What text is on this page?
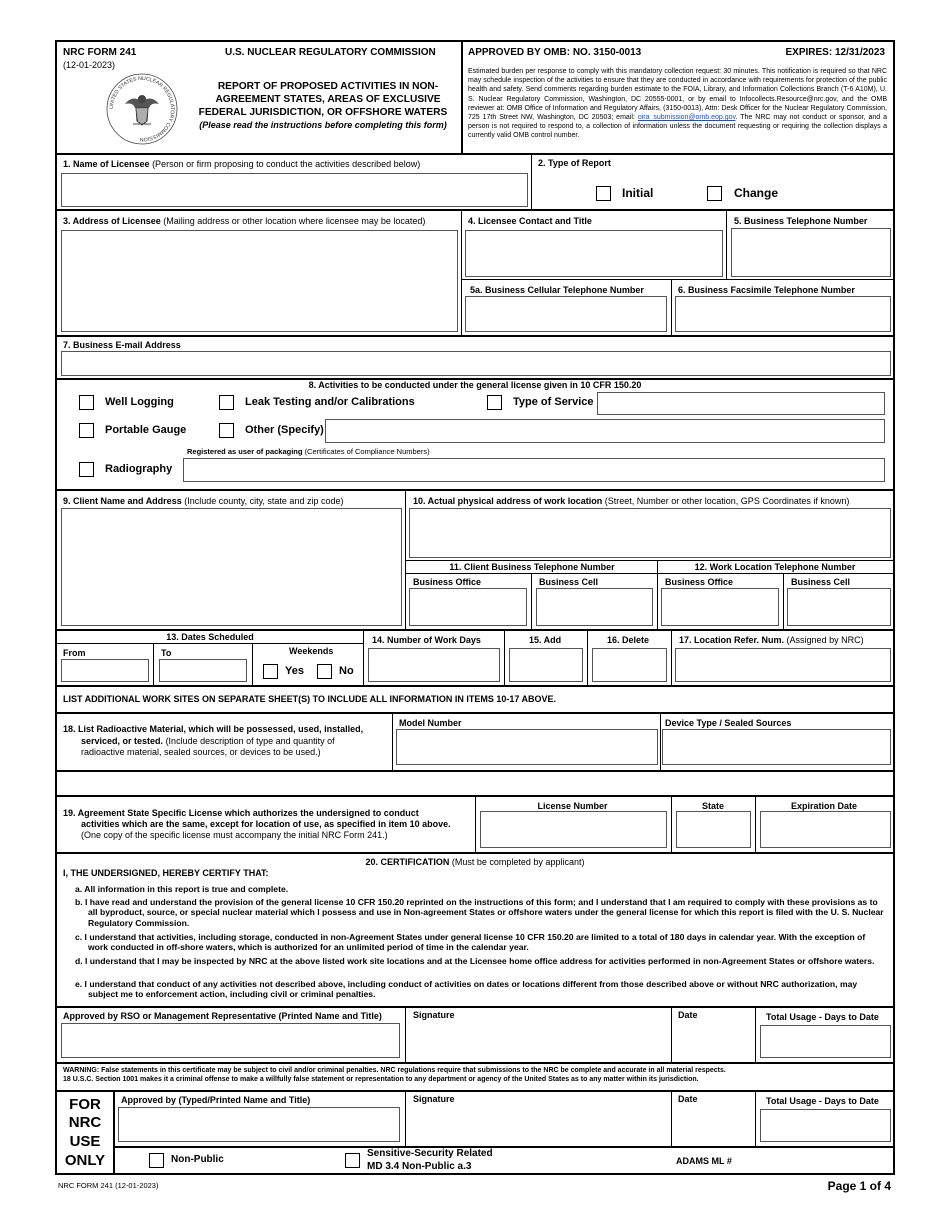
NRC FORM 241
(12-01-2023)
U.S. NUCLEAR REGULATORY COMMISSION
UNITED STATES NUCLEAR REGULATORY COMMISSION
REPORT OF PROPOSED ACTIVITIES IN NON-
AGREEMENT STATES, AREAS OF EXCLUSIVE
FEDERAL JURISDICTION, OR OFFSHORE WATERS
(Please read the instructions before completing this form)
APPROVED BY OMB: NO. 3150-0013	EXPIRES: 12/31/2023
Estimated burden per response to comply with this mandatory collection request: 30 minutes. This notification is required so that NRC may schedule inspection of the activities to ensure that they are conducted in accordance with requirements for protection of the public health and safety. Send comments regarding burden estimate to the FOIA, Library, and Information Collections Branch (T-6 A10M), U. S. Nuclear Regulatory Commission, Washington, DC 20555-0001, or by email to Infocollects.Resource@nrc.gov, and the OMB reviewer at: OMB Office of Information and Regulatory Affairs, (3150-0013), Attn: Desk Officer for the Nuclear Regulatory Commission, 725 17th Street NW, Washington, DC 20503; email: oira_submission@omb.eop.gov. The NRC may not conduct or sponsor, and a person is not required to respond to, a collection of information unless the document requesting or requiring the collection displays a currently valid OMB control number.
1. Name of Licensee (Person or firm proposing to conduct the activities described below)	2. Type of Report
Initial	Change
3. Address of Licensee (Mailing address or other location where licensee may be located)	4. Licensee Contact and Title	5. Business Telephone Number
5a. Business Cellular Telephone Number	6. Business Facsimile Telephone Number
7. Business E-mail Address
8. Activities to be conducted under the general license given in 10 CFR 150.20
Well Logging	Leak Testing and/or Calibrations	Type of Service
Portable Gauge	Other (Specify)
Registered as user of packaging (Certificates of Compliance Numbers)
Radiography
9. Client Name and Address (Include county, city, state and zip code)	10. Actual physical address of work location (Street, Number or other location, GPS Coordinates if known)
11. Client Business Telephone Number	12. Work Location Telephone Number
Business Office	Business Cell	Business Office	Business Cell
13. Dates Scheduled
From	To	Weekends
Yes	No
14. Number of Work Days	15. Add	16. Delete	17. Location Refer. Num. (Assigned by NRC)
LIST ADDITIONAL WORK SITES ON SEPARATE SHEET(S) TO INCLUDE ALL INFORMATION IN ITEMS 10-17 ABOVE.
18. List Radioactive Material, which will be possessed, used, installed,
serviced, or tested. (Include description of type and quantity of
radioactive material, sealed sources, or devices to be used.)
Model Number	Device Type / Sealed Sources
19. Agreement State Specific License which authorizes the undersigned to conduct
activities which are the same, except for location of use, as specified in item 10 above.
(One copy of the specific license must accompany the initial NRC Form 241.)
License Number	State	Expiration Date
20. CERTIFICATION (Must be completed by applicant)
I, THE UNDERSIGNED, HEREBY CERTIFY THAT:
a. All information in this report is true and complete.
b. I have read and understand the provision of the general license 10 CFR 150.20 reprinted on the instructions of this form; and I understand that I am required to comply with these provisions as to all byproduct, source, or special nuclear material which I possess and use in Non-agreement States or offshore waters under the general license for which this report is filed with the U. S. Nuclear Regulatory Commission.
c. I understand that activities, including storage, conducted in non-Agreement States under general license 10 CFR 150.20 are limited to a total of 180 days in calendar year. With the exception of work conducted in off-shore waters, which is authorized for an unlimited period of time in the calendar year.
d. I understand that I may be inspected by NRC at the above listed work site locations and at the Licensee home office address for activities performed in non-Agreement States or offshore waters.
e. I understand that conduct of any activities not described above, including conduct of activities on dates or locations different from those described above or without NRC authorization, may subject me to enforcement action, including civil or criminal penalties.
Approved by RSO or Management Representative (Printed Name and Title)	Signature	Date	Total Usage - Days to Date
WARNING: False statements in this certificate may be subject to civil and/or criminal penalties. NRC regulations require that submissions to the NRC be complete and accurate in all material respects.
18 U.S.C. Section 1001 makes it a criminal offense to make a willfully false statement or representation to any department or agency of the United States as to any matter within its jurisdiction.
FOR
NRC
USE
ONLY
Approved by (Typed/Printed Name and Title)	Signature	Date	Total Usage - Days to Date
Non-Public
Sensitive-Security Related
MD 3.4 Non-Public a.3	ADAMS ML #
NRC FORM 241 (12-01-2023)	Page 1 of 4
